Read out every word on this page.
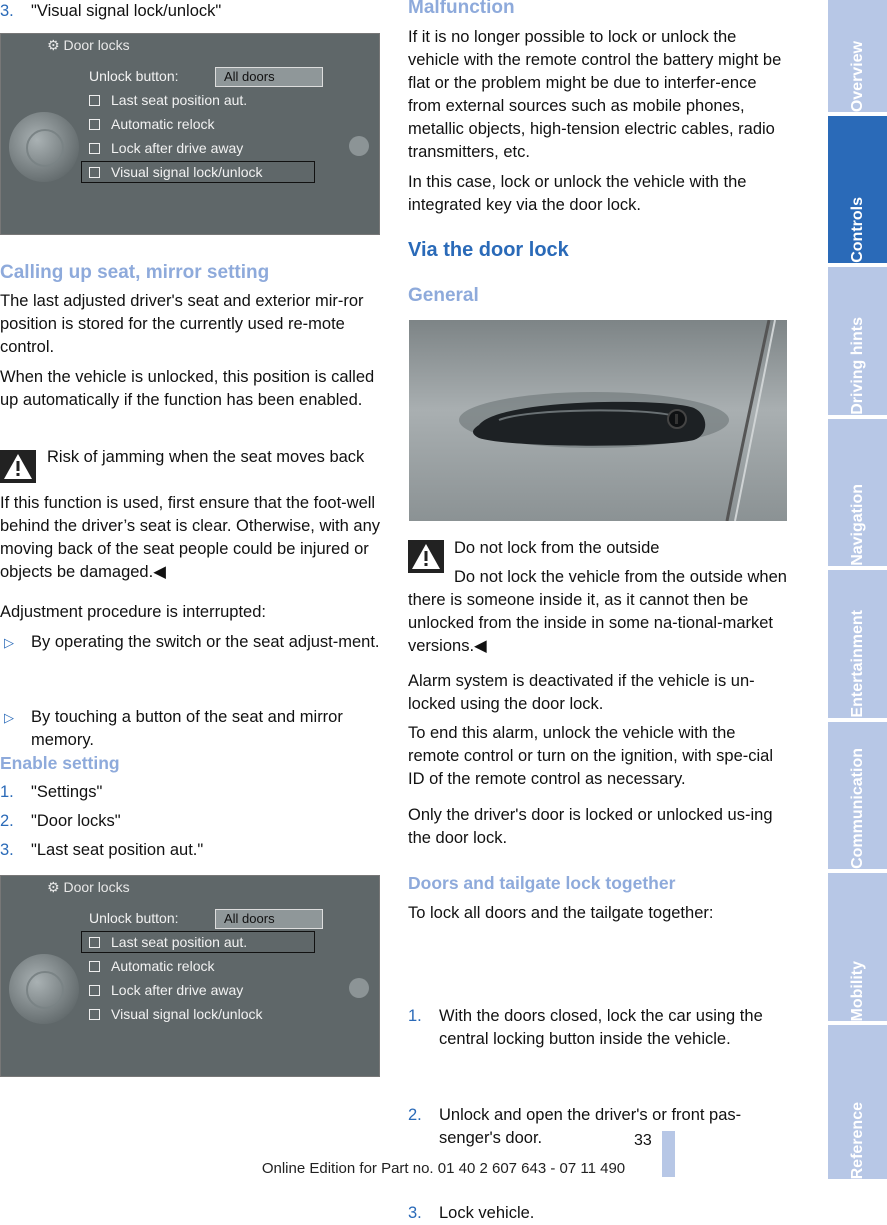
3. "Visual signal lock/unlock"
⚙ Door locks
Unlock button:	All doors
Last seat position aut.
Automatic relock
Lock after drive away
Visual signal lock/unlock
Calling up seat, mirror setting

The last adjusted driver's seat and exterior mir-ror position is stored for the currently used re-mote control.

When the vehicle is unlocked, this position is called up automatically if the function has been enabled.

Risk of jamming when the seat moves back

If this function is used, first ensure that the foot-well behind the driver’s seat is clear. Otherwise, with any moving back of the seat people could be injured or objects be damaged.◀

Adjustment procedure is interrupted:

▷ By operating the switch or the seat adjust-ment.
▷ By touching a button of the seat and mirror memory.
Enable setting
1. "Settings"
2. "Door locks"
3. "Last seat position aut."
⚙ Door locks
Unlock button:	All doors
Last seat position aut.
Automatic relock
Lock after drive away
Visual signal lock/unlock
Malfunction

If it is no longer possible to lock or unlock the vehicle with the remote control the battery might be flat or the problem might be due to interfer-ence from external sources such as mobile phones, metallic objects, high-tension electric cables, radio transmitters, etc.

In this case, lock or unlock the vehicle with the integrated key via the door lock.

Via the door lock
General

Do not lock from the outside

Do not lock the vehicle from the outside when there is someone inside it, as it cannot then be unlocked from the inside in some na-tional-market versions.◀

Alarm system is deactivated if the vehicle is un-locked using the door lock.

To end this alarm, unlock the vehicle with the remote control or turn on the ignition, with spe-cial ID of the remote control as necessary.

Only the driver's door is locked or unlocked us-ing the door lock.

Doors and tailgate lock together

To lock all doors and the tailgate together:

1. With the doors closed, lock the car using the central locking button inside the vehicle.
2. Unlock and open the driver's or front pas-senger's door.
3. Lock vehicle.
Overview
Controls
Driving hints
Navigation
Entertainment
Communication
Mobility
Reference
33
Online Edition for Part no. 01 40 2 607 643 - 07 11 490
